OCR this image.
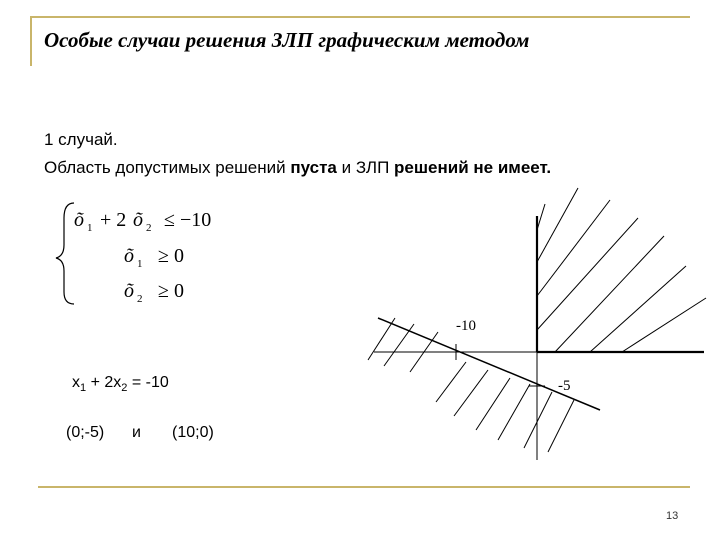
Особые случаи решения ЗЛП графическим методом
1 случай.
Область допустимых решений пуста и ЗЛП решений не имеет.
õ 1 + 2 õ 2 ≤ −10
õ 1 ≥ 0
õ 2 ≥ 0
-10
-5
$x_1 + 2x_2 = -10$
(0;-5) и (10;0)
13
